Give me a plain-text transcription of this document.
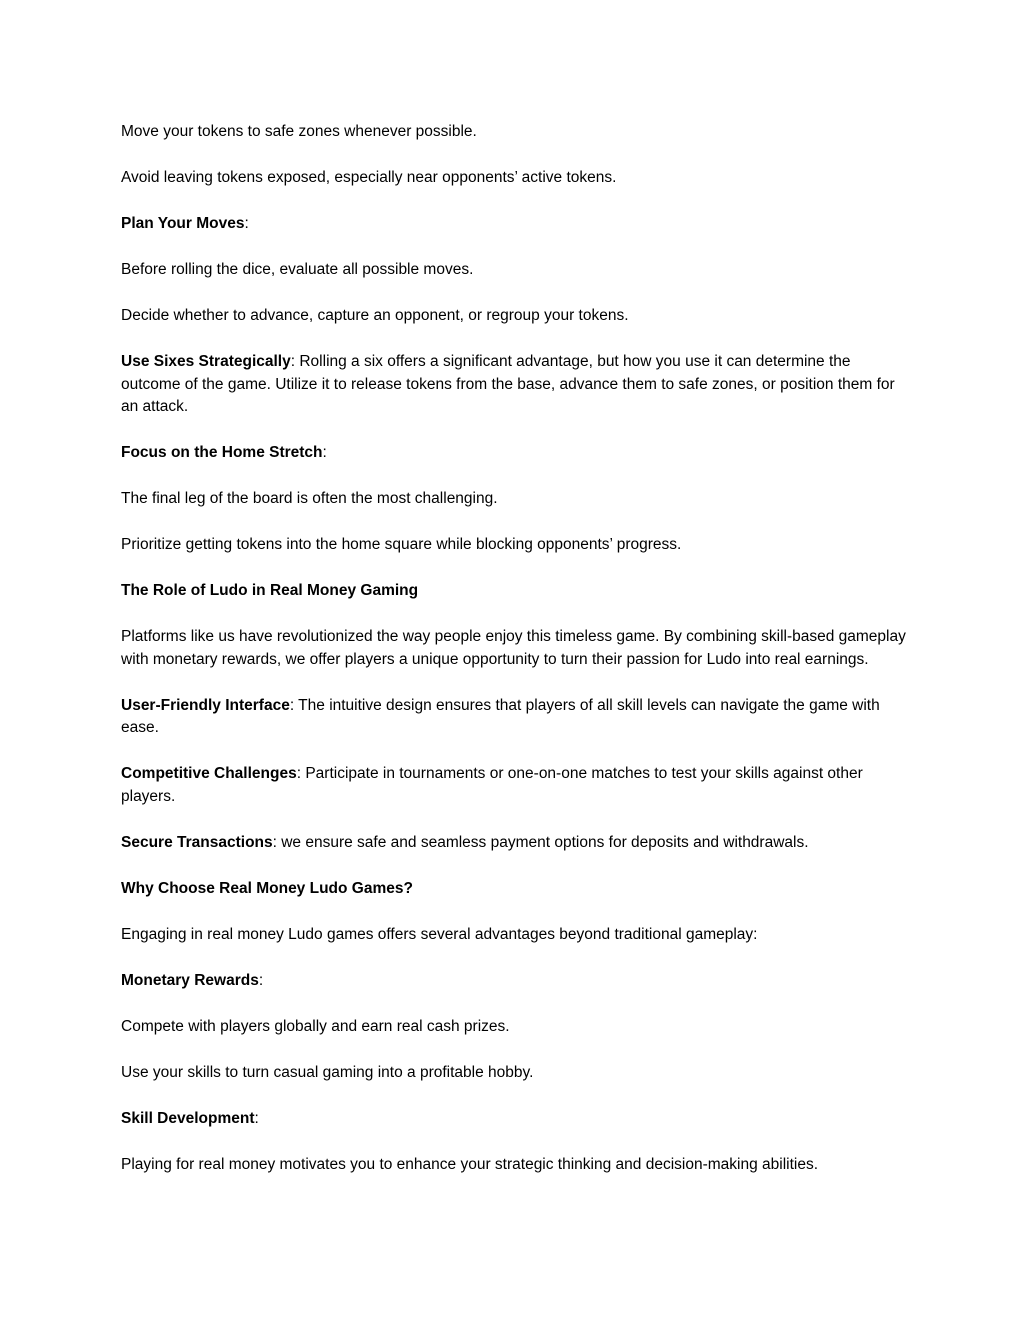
Move your tokens to safe zones whenever possible.

Avoid leaving tokens exposed, especially near opponents’ active tokens.

Plan Your Moves:

Before rolling the dice, evaluate all possible moves.

Decide whether to advance, capture an opponent, or regroup your tokens.

Use Sixes Strategically: Rolling a six offers a significant advantage, but how you use it can determine the outcome of the game. Utilize it to release tokens from the base, advance them to safe zones, or position them for an attack.

Focus on the Home Stretch:

The final leg of the board is often the most challenging.

Prioritize getting tokens into the home square while blocking opponents’ progress.

The Role of Ludo in Real Money Gaming

Platforms like us have revolutionized the way people enjoy this timeless game. By combining skill-based gameplay with monetary rewards, we offer players a unique opportunity to turn their passion for Ludo into real earnings.

User-Friendly Interface: The intuitive design ensures that players of all skill levels can navigate the game with ease.

Competitive Challenges: Participate in tournaments or one-on-one matches to test your skills against other players.

Secure Transactions: we ensure safe and seamless payment options for deposits and withdrawals.

Why Choose Real Money Ludo Games?

Engaging in real money Ludo games offers several advantages beyond traditional gameplay:

Monetary Rewards:

Compete with players globally and earn real cash prizes.

Use your skills to turn casual gaming into a profitable hobby.

Skill Development:

Playing for real money motivates you to enhance your strategic thinking and decision-making abilities.
